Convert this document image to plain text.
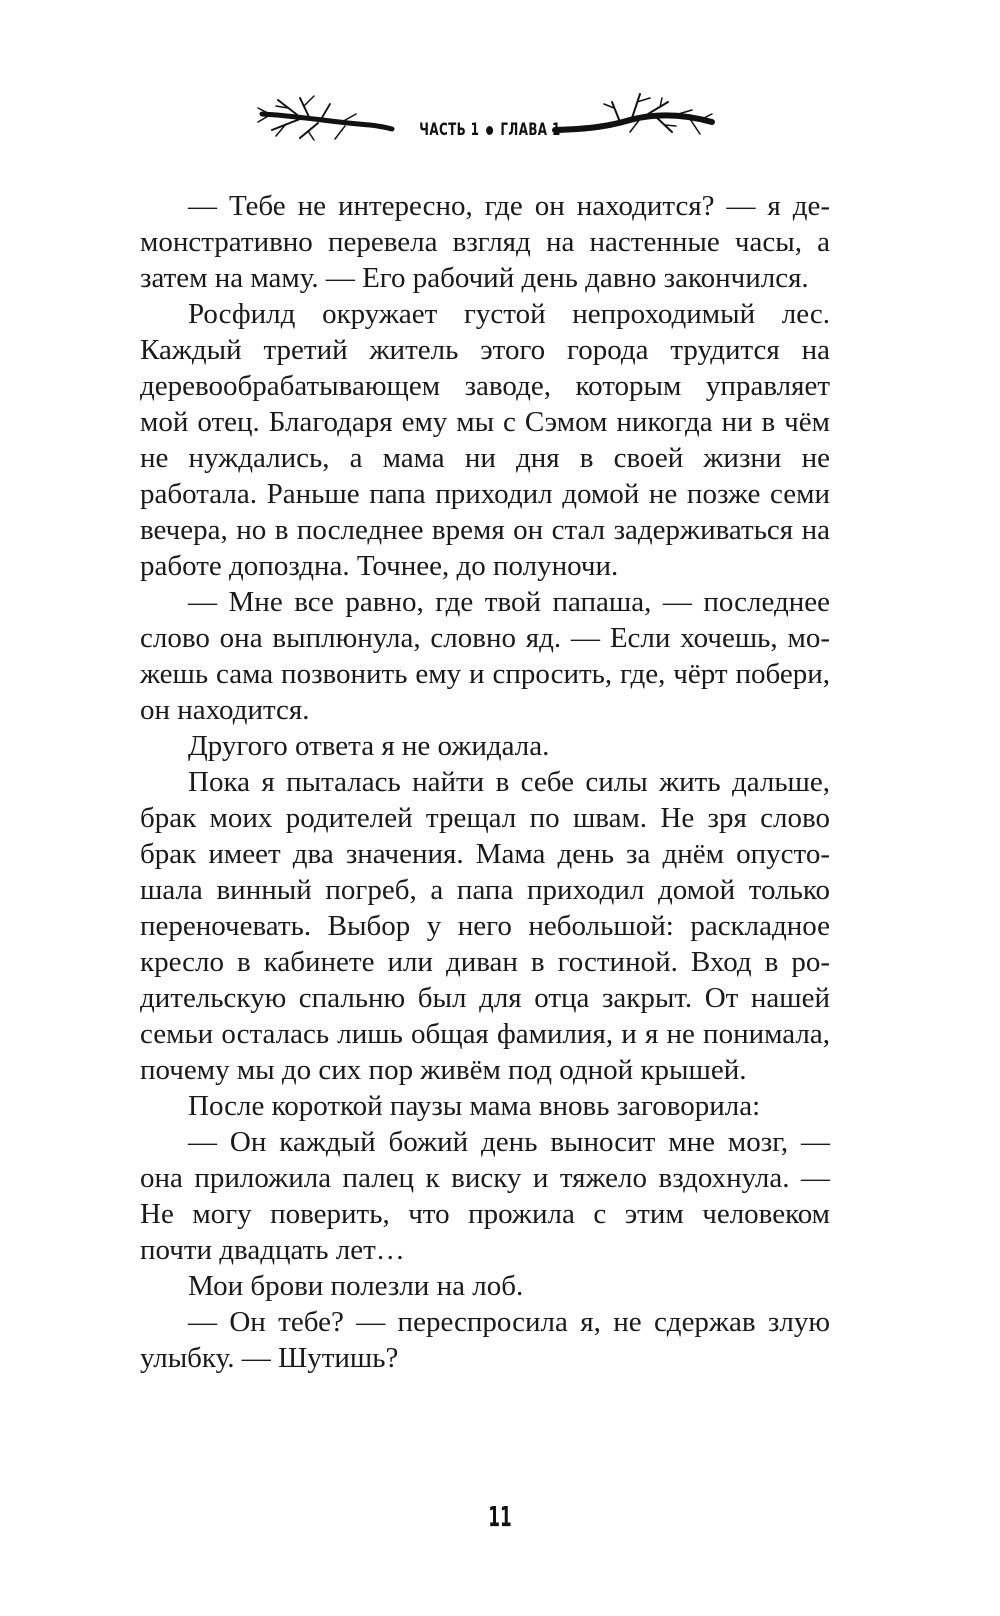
ЧАСТЬ 1 ГЛАВА 1

— Тебе не интересно, где он находится? — я демонстративно перевела взгляд на настенные часы, а затем на маму. — Его рабочий день давно закончился.

Росфилд окружает густой непроходимый лес. Каждый третий житель этого города трудится на деревообрабатывающем заводе, которым управляет мой отец. Благодаря ему мы с Сэмом никогда ни в чём не нуждались, а мама ни дня в своей жизни не работала. Раньше папа приходил домой не позже семи вечера, но в последнее время он стал задерживаться на работе допоздна. Точнее, до полуночи.

— Мне все равно, где твой папаша, — последнее слово она выплюнула, словно яд. — Если хочешь, можешь сама позвонить ему и спросить, где, чёрт побери, он находится.

Другого ответа я не ожидала.

Пока я пыталась найти в себе силы жить дальше, брак моих родителей трещал по швам. Не зря слово брак имеет два значения. Мама день за днём опустошала винный погреб, а папа приходил домой только переночевать. Выбор у него небольшой: раскладное кресло в кабинете или диван в гостиной. Вход в родительскую спальню был для отца закрыт. От нашей семьи осталась лишь общая фамилия, и я не понимала, почему мы до сих пор живём под одной крышей.

После короткой паузы мама вновь заговорила:

— Он каждый божий день выносит мне мозг, — она приложила палец к виску и тяжело вздохнула. — Не могу поверить, что прожила с этим человеком почти двадцать лет…

Мои брови полезли на лоб.

— Он тебе? — переспросила я, не сдержав злую улыбку. — Шутишь?

11
